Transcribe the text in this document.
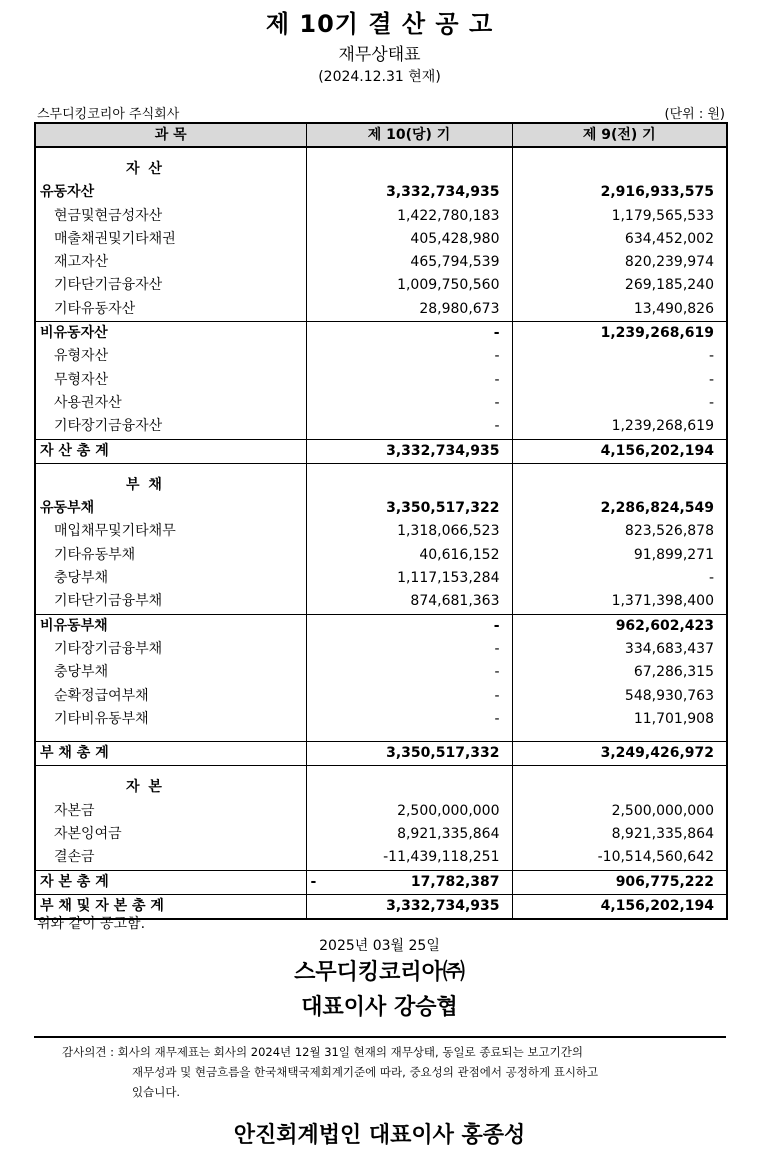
제 10기 결 산 공 고
재무상태표
(2024.12.31 현재)
스무디킹코리아 주식회사	(단위 : 원)
과 목	제 10(당) 기	제 9(전) 기

자 산		
유동자산	3,332,734,935	2,916,933,575
현금및현금성자산	1,422,780,183	1,179,565,533
매출채권및기타채권	405,428,980	634,452,002
재고자산	465,794,539	820,239,974
기타단기금융자산	1,009,750,560	269,185,240
기타유동자산	28,980,673	13,490,826
비유동자산	-	1,239,268,619
유형자산	-	-
무형자산	-	-
사용권자산	-	-
기타장기금융자산	-	1,239,268,619
자 산 총 계	3,332,734,935	4,156,202,194

부 채		
유동부채	3,350,517,322	2,286,824,549
매입채무및기타채무	1,318,066,523	823,526,878
기타유동부채	40,616,152	91,899,271
충당부채	1,117,153,284	-
기타단기금융부채	874,681,363	1,371,398,400
비유동부채	-	962,602,423
기타장기금융부채	-	334,683,437
충당부채	-	67,286,315
순확정급여부채	-	548,930,763
기타비유동부채	-	11,701,908

부 채 총 계	3,350,517,332	3,249,426,972

자 본		
자본금	2,500,000,000	2,500,000,000
자본잉여금	8,921,335,864	8,921,335,864
결손금	-11,439,118,251	-10,514,560,642
자 본 총 계	- 17,782,387	906,775,222
부 채 및 자 본 총 계	3,332,734,935	4,156,202,194
위와 같이 공고함.
2025년 03월 25일
스무디킹코리아㈜
대표이사 강승협
감사의견 : 회사의 재무제표는 회사의 2024년 12월 31일 현재의 재무상태, 동일로 종료되는 보고기간의
재무성과 및 현금흐름을 한국채택국제회계기준에 따라, 중요성의 관점에서 공정하게 표시하고
있습니다.
안진회계법인 대표이사 홍종성
